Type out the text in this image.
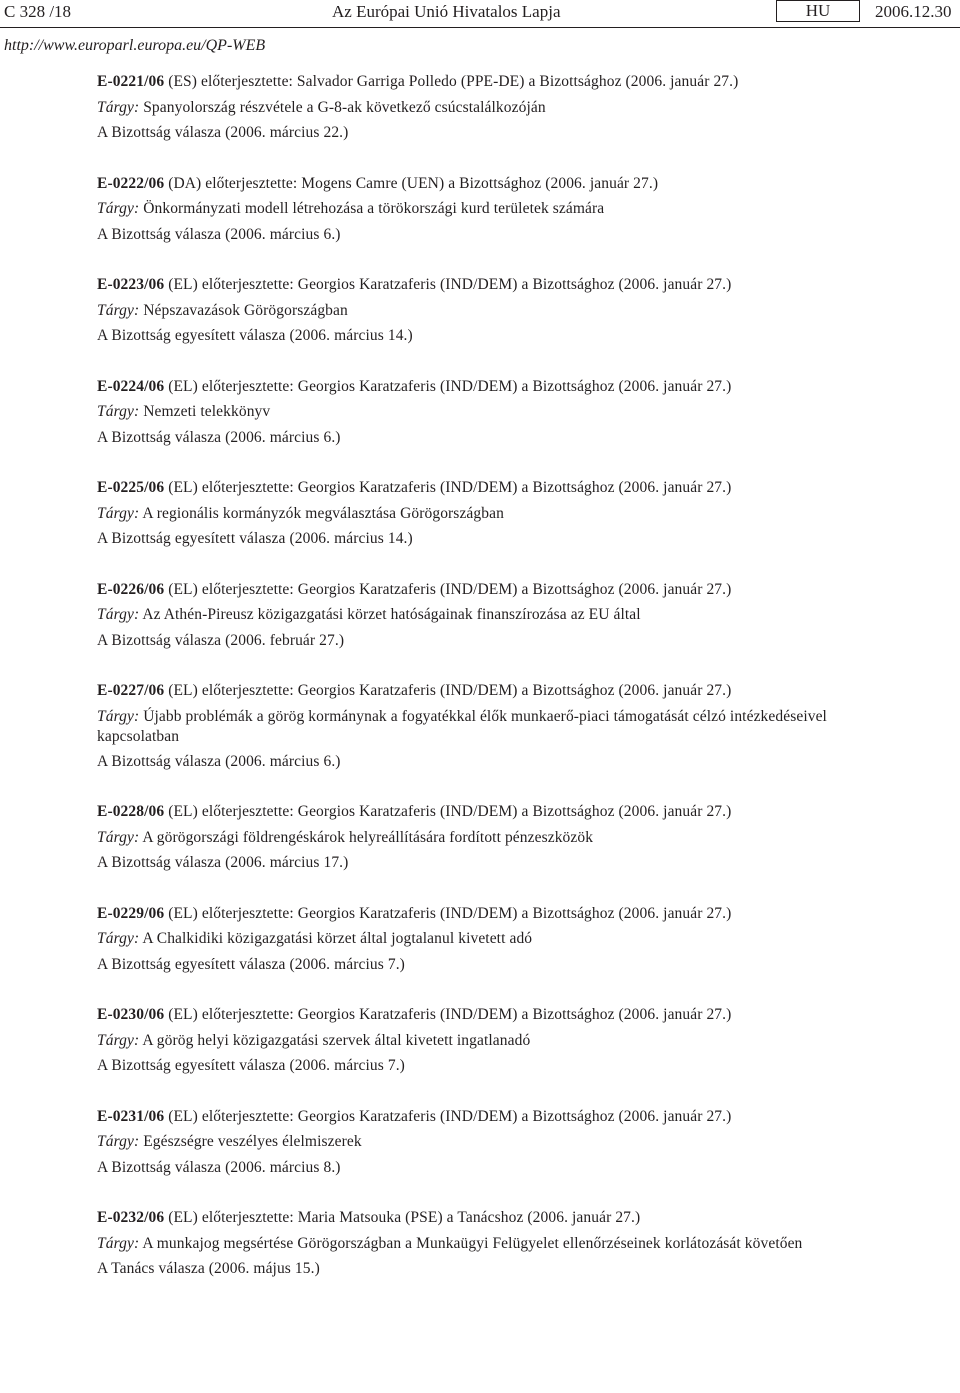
C 328 /18	Az Európai Unió Hivatalos Lapja	HU	2006.12.30
http://www.europarl.europa.eu/QP-WEB
E-0221/06 (ES) előterjesztette: Salvador Garriga Polledo (PPE-DE) a Bizottsághoz (2006. január 27.)
Tárgy: Spanyolország részvétele a G-8-ak következő csúcstalálkozóján
A Bizottság válasza (2006. március 22.)
E-0222/06 (DA) előterjesztette: Mogens Camre (UEN) a Bizottsághoz (2006. január 27.)
Tárgy: Önkormányzati modell létrehozása a törökországi kurd területek számára
A Bizottság válasza (2006. március 6.)
E-0223/06 (EL) előterjesztette: Georgios Karatzaferis (IND/DEM) a Bizottsághoz (2006. január 27.)
Tárgy: Népszavazások Görögországban
A Bizottság egyesített válasza (2006. március 14.)
E-0224/06 (EL) előterjesztette: Georgios Karatzaferis (IND/DEM) a Bizottsághoz (2006. január 27.)
Tárgy: Nemzeti telekkönyv
A Bizottság válasza (2006. március 6.)
E-0225/06 (EL) előterjesztette: Georgios Karatzaferis (IND/DEM) a Bizottsághoz (2006. január 27.)
Tárgy: A regionális kormányzók megválasztása Görögországban
A Bizottság egyesített válasza (2006. március 14.)
E-0226/06 (EL) előterjesztette: Georgios Karatzaferis (IND/DEM) a Bizottsághoz (2006. január 27.)
Tárgy: Az Athén-Pireusz közigazgatási körzet hatóságainak finanszírozása az EU által
A Bizottság válasza (2006. február 27.)
E-0227/06 (EL) előterjesztette: Georgios Karatzaferis (IND/DEM) a Bizottsághoz (2006. január 27.)
Tárgy: Újabb problémák a görög kormánynak a fogyatékkal élők munkaerő-piaci támogatását célzó intézkedéseivel kapcsolatban
A Bizottság válasza (2006. március 6.)
E-0228/06 (EL) előterjesztette: Georgios Karatzaferis (IND/DEM) a Bizottsághoz (2006. január 27.)
Tárgy: A görögországi földrengéskárok helyreállítására fordított pénzeszközök
A Bizottság válasza (2006. március 17.)
E-0229/06 (EL) előterjesztette: Georgios Karatzaferis (IND/DEM) a Bizottsághoz (2006. január 27.)
Tárgy: A Chalkidiki közigazgatási körzet által jogtalanul kivetett adó
A Bizottság egyesített válasza (2006. március 7.)
E-0230/06 (EL) előterjesztette: Georgios Karatzaferis (IND/DEM) a Bizottsághoz (2006. január 27.)
Tárgy: A görög helyi közigazgatási szervek által kivetett ingatlanadó
A Bizottság egyesített válasza (2006. március 7.)
E-0231/06 (EL) előterjesztette: Georgios Karatzaferis (IND/DEM) a Bizottsághoz (2006. január 27.)
Tárgy: Egészségre veszélyes élelmiszerek
A Bizottság válasza (2006. március 8.)
E-0232/06 (EL) előterjesztette: Maria Matsouka (PSE) a Tanácshoz (2006. január 27.)
Tárgy: A munkajog megsértése Görögországban a Munkaügyi Felügyelet ellenőrzéseinek korlátozását követően
A Tanács válasza (2006. május 15.)
